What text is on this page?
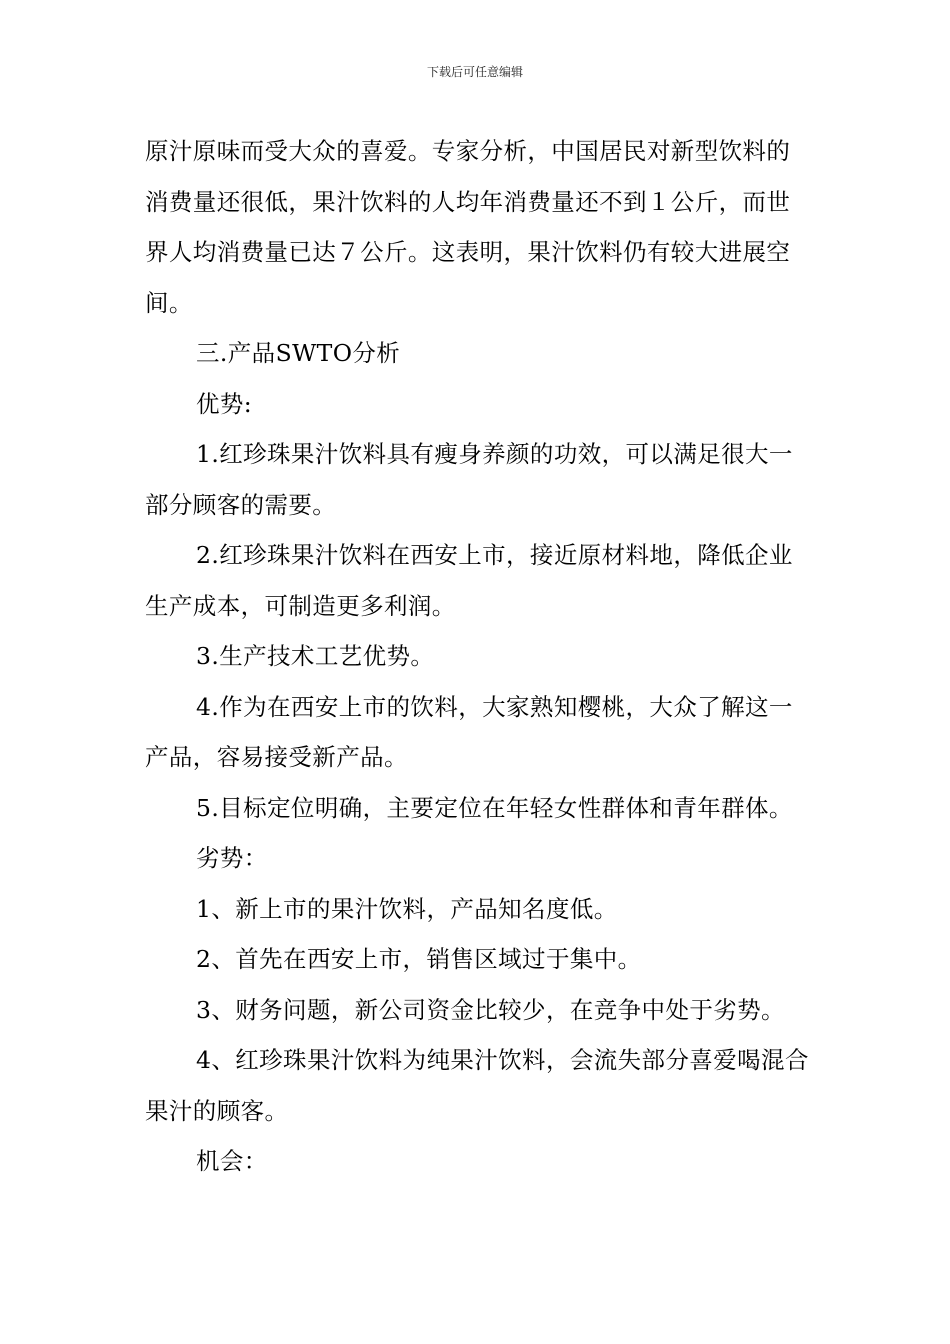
下载后可任意编辑

原汁原味而受大众的喜爱。专家分析，中国居民对新型饮料的消费量还很低，果汁饮料的人均年消费量还不到１公斤，而世界人均消费量已达７公斤。这表明，果汁饮料仍有较大进展空间。

三.产品SWTO分析

优势:

1.红珍珠果汁饮料具有瘦身养颜的功效，可以满足很大一部分顾客的需要。

2.红珍珠果汁饮料在西安上市，接近原材料地，降低企业生产成本，可制造更多利润。

3.生产技术工艺优势。

4.作为在西安上市的饮料，大家熟知樱桃，大众了解这一产品，容易接受新产品。

5.目标定位明确，主要定位在年轻女性群体和青年群体。

劣势：

1、新上市的果汁饮料，产品知名度低。

2、首先在西安上市，销售区域过于集中。

3、财务问题，新公司资金比较少，在竞争中处于劣势。

4、红珍珠果汁饮料为纯果汁饮料，会流失部分喜爱喝混合果汁的顾客。

机会：
